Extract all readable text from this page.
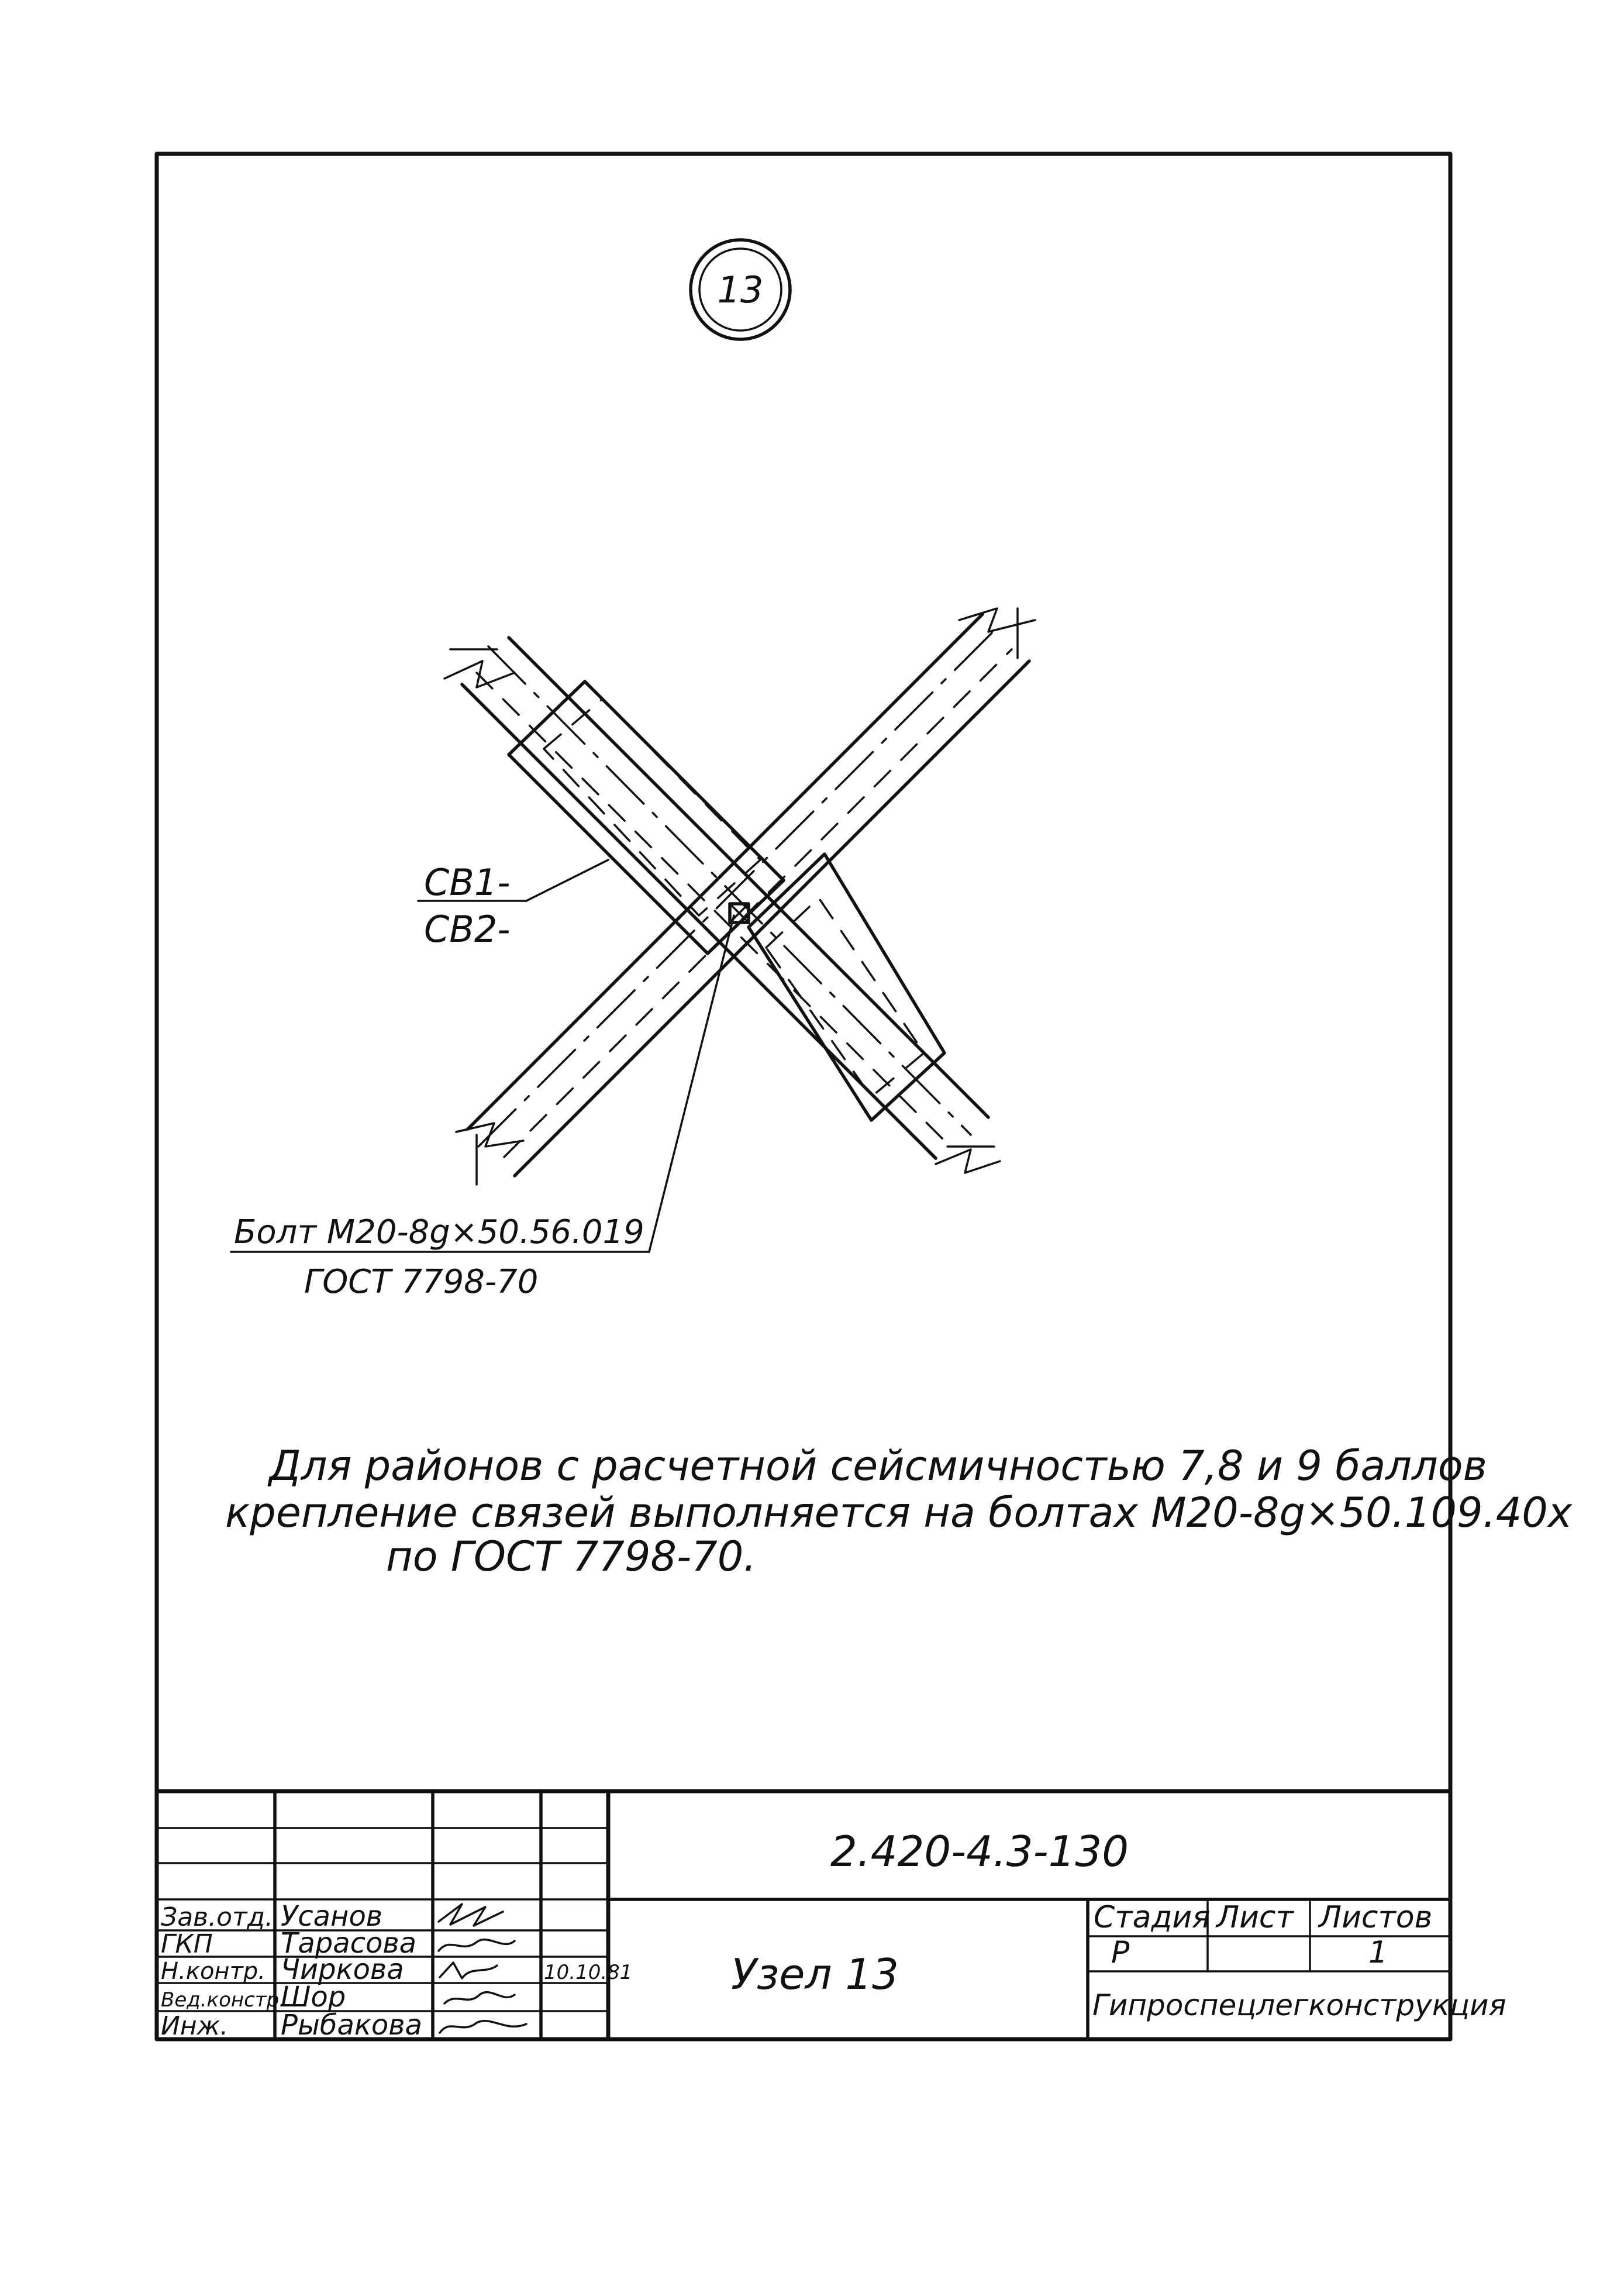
13
СВ1-
СВ2-
Болт М20-8g×50.56.019
ГОСТ 7798-70
Для районов с расчетной сейсмичностью 7,8 и 9 баллов
крепление связей выполняется на болтах М20-8g×50.109.40х
по ГОСТ 7798-70.
2.420-4.3-130
Узел 13
Стадия Лист Листов
Р	1
Гипроспецлегконструкция
Зав.отд. Усанов
ГКП Тарасова
Н.контр. Чиркова	10.10.81
Вед.констр.
Шор
Инж. Рыбакова
